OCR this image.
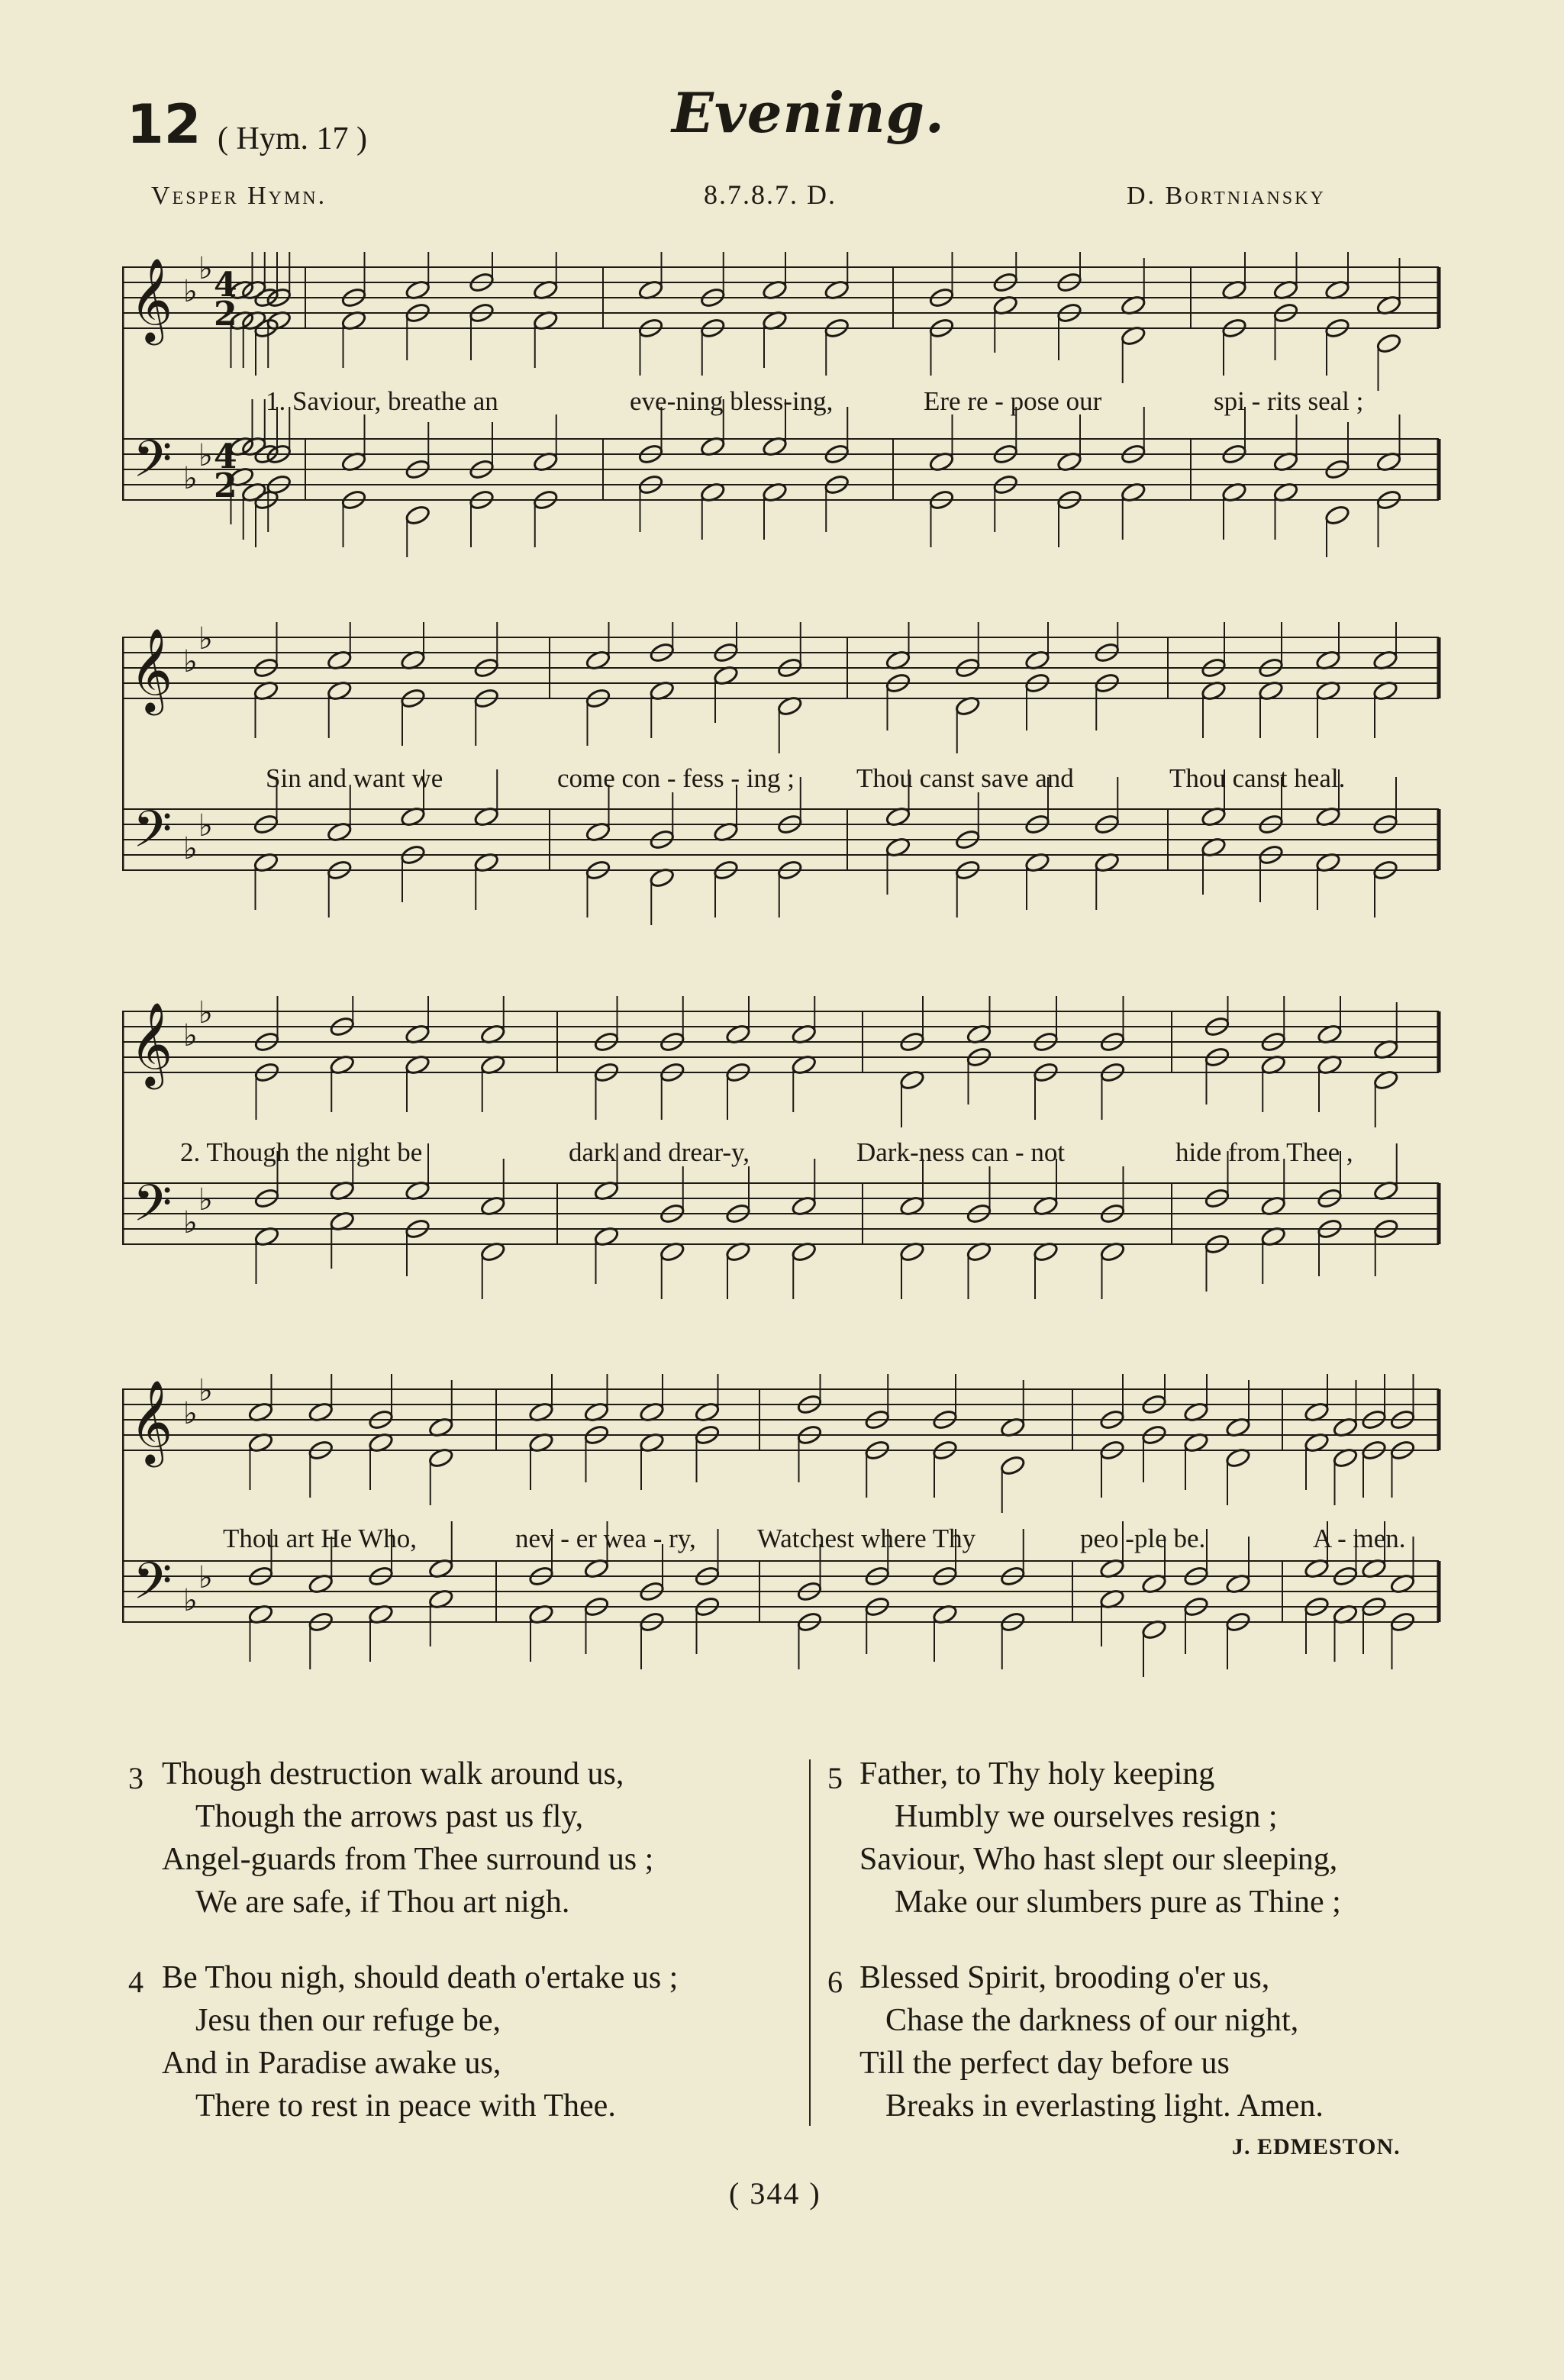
12 ( Hym. 17 )	Evening.
Vesper Hymn.	8.7.8.7. D.	D. Bortniansky
𝄞
𝄢
♭
♭
♭
♭
4
4
2
2
1. Saviour, breathe an	eve-ning bless-ing,	Ere re - pose our	spi - rits seal ;
𝄞
𝄢
♭
♭
♭
♭
Sin and want we	come con - fess - ing ; Thou canst save and	Thou canst heal.
𝄞
𝄢
♭
♭
♭
♭
2. Though the night be	dark and drear-y,	Dark-ness can - not	hide from Thee ,
𝄞
𝄢
♭
♭
♭
♭
Thou art He Who,	nev - er wea - ry, Watchest where Thy	peo -ple be.	A - men.
3 Though destruction walk around us,
Though the arrows past us fly,
Angel-guards from Thee surround us ;
We are safe, if Thou art nigh.
4 Be Thou nigh, should death o'ertake us ;
Jesu then our refuge be,
And in Paradise awake us,
There to rest in peace with Thee.
5 Father, to Thy holy keeping
Humbly we ourselves resign ;
Saviour, Who hast slept our sleeping,
Make our slumbers pure as Thine ;
6 Blessed Spirit, brooding o'er us,
Chase the darkness of our night,
Till the perfect day before us
Breaks in everlasting light. Amen.
J. EDMESTON.
( 344 )
